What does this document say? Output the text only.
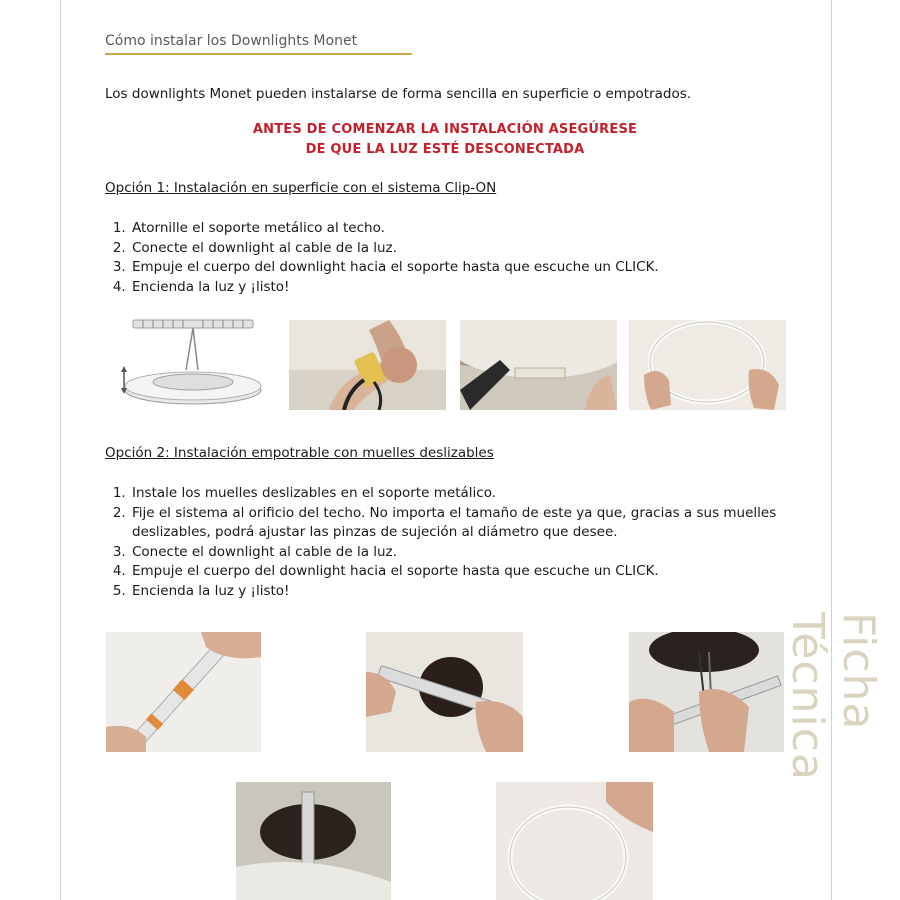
Cómo instalar los Downlights Monet
Los downlights Monet pueden instalarse de forma sencilla en superficie o empotrados.
ANTES DE COMENZAR LA INSTALACIÓN ASEGÚRESE
DE QUE LA LUZ ESTÉ DESCONECTADA
Opción 1: Instalación en superficie con el sistema Clip-ON
1. Atornille el soporte metálico al techo.
2. Conecte el downlight al cable de la luz.
3. Empuje el cuerpo del downlight hacia el soporte hasta que escuche un CLICK.
4. Encienda la luz y ¡listo!
Opción 2: Instalación empotrable con muelles deslizables
1. Instale los muelles deslizables en el soporte metálico.
2. Fije el sistema al orificio del techo. No importa el tamaño de este ya que, gracias a sus muelles deslizables, podrá ajustar las pinzas de sujeción al diámetro que desee.
3. Conecte el downlight al cable de la luz.
4. Empuje el cuerpo del downlight hacia el soporte hasta que escuche un CLICK.
5. Encienda la luz y ¡listo!
Ficha Técnica
